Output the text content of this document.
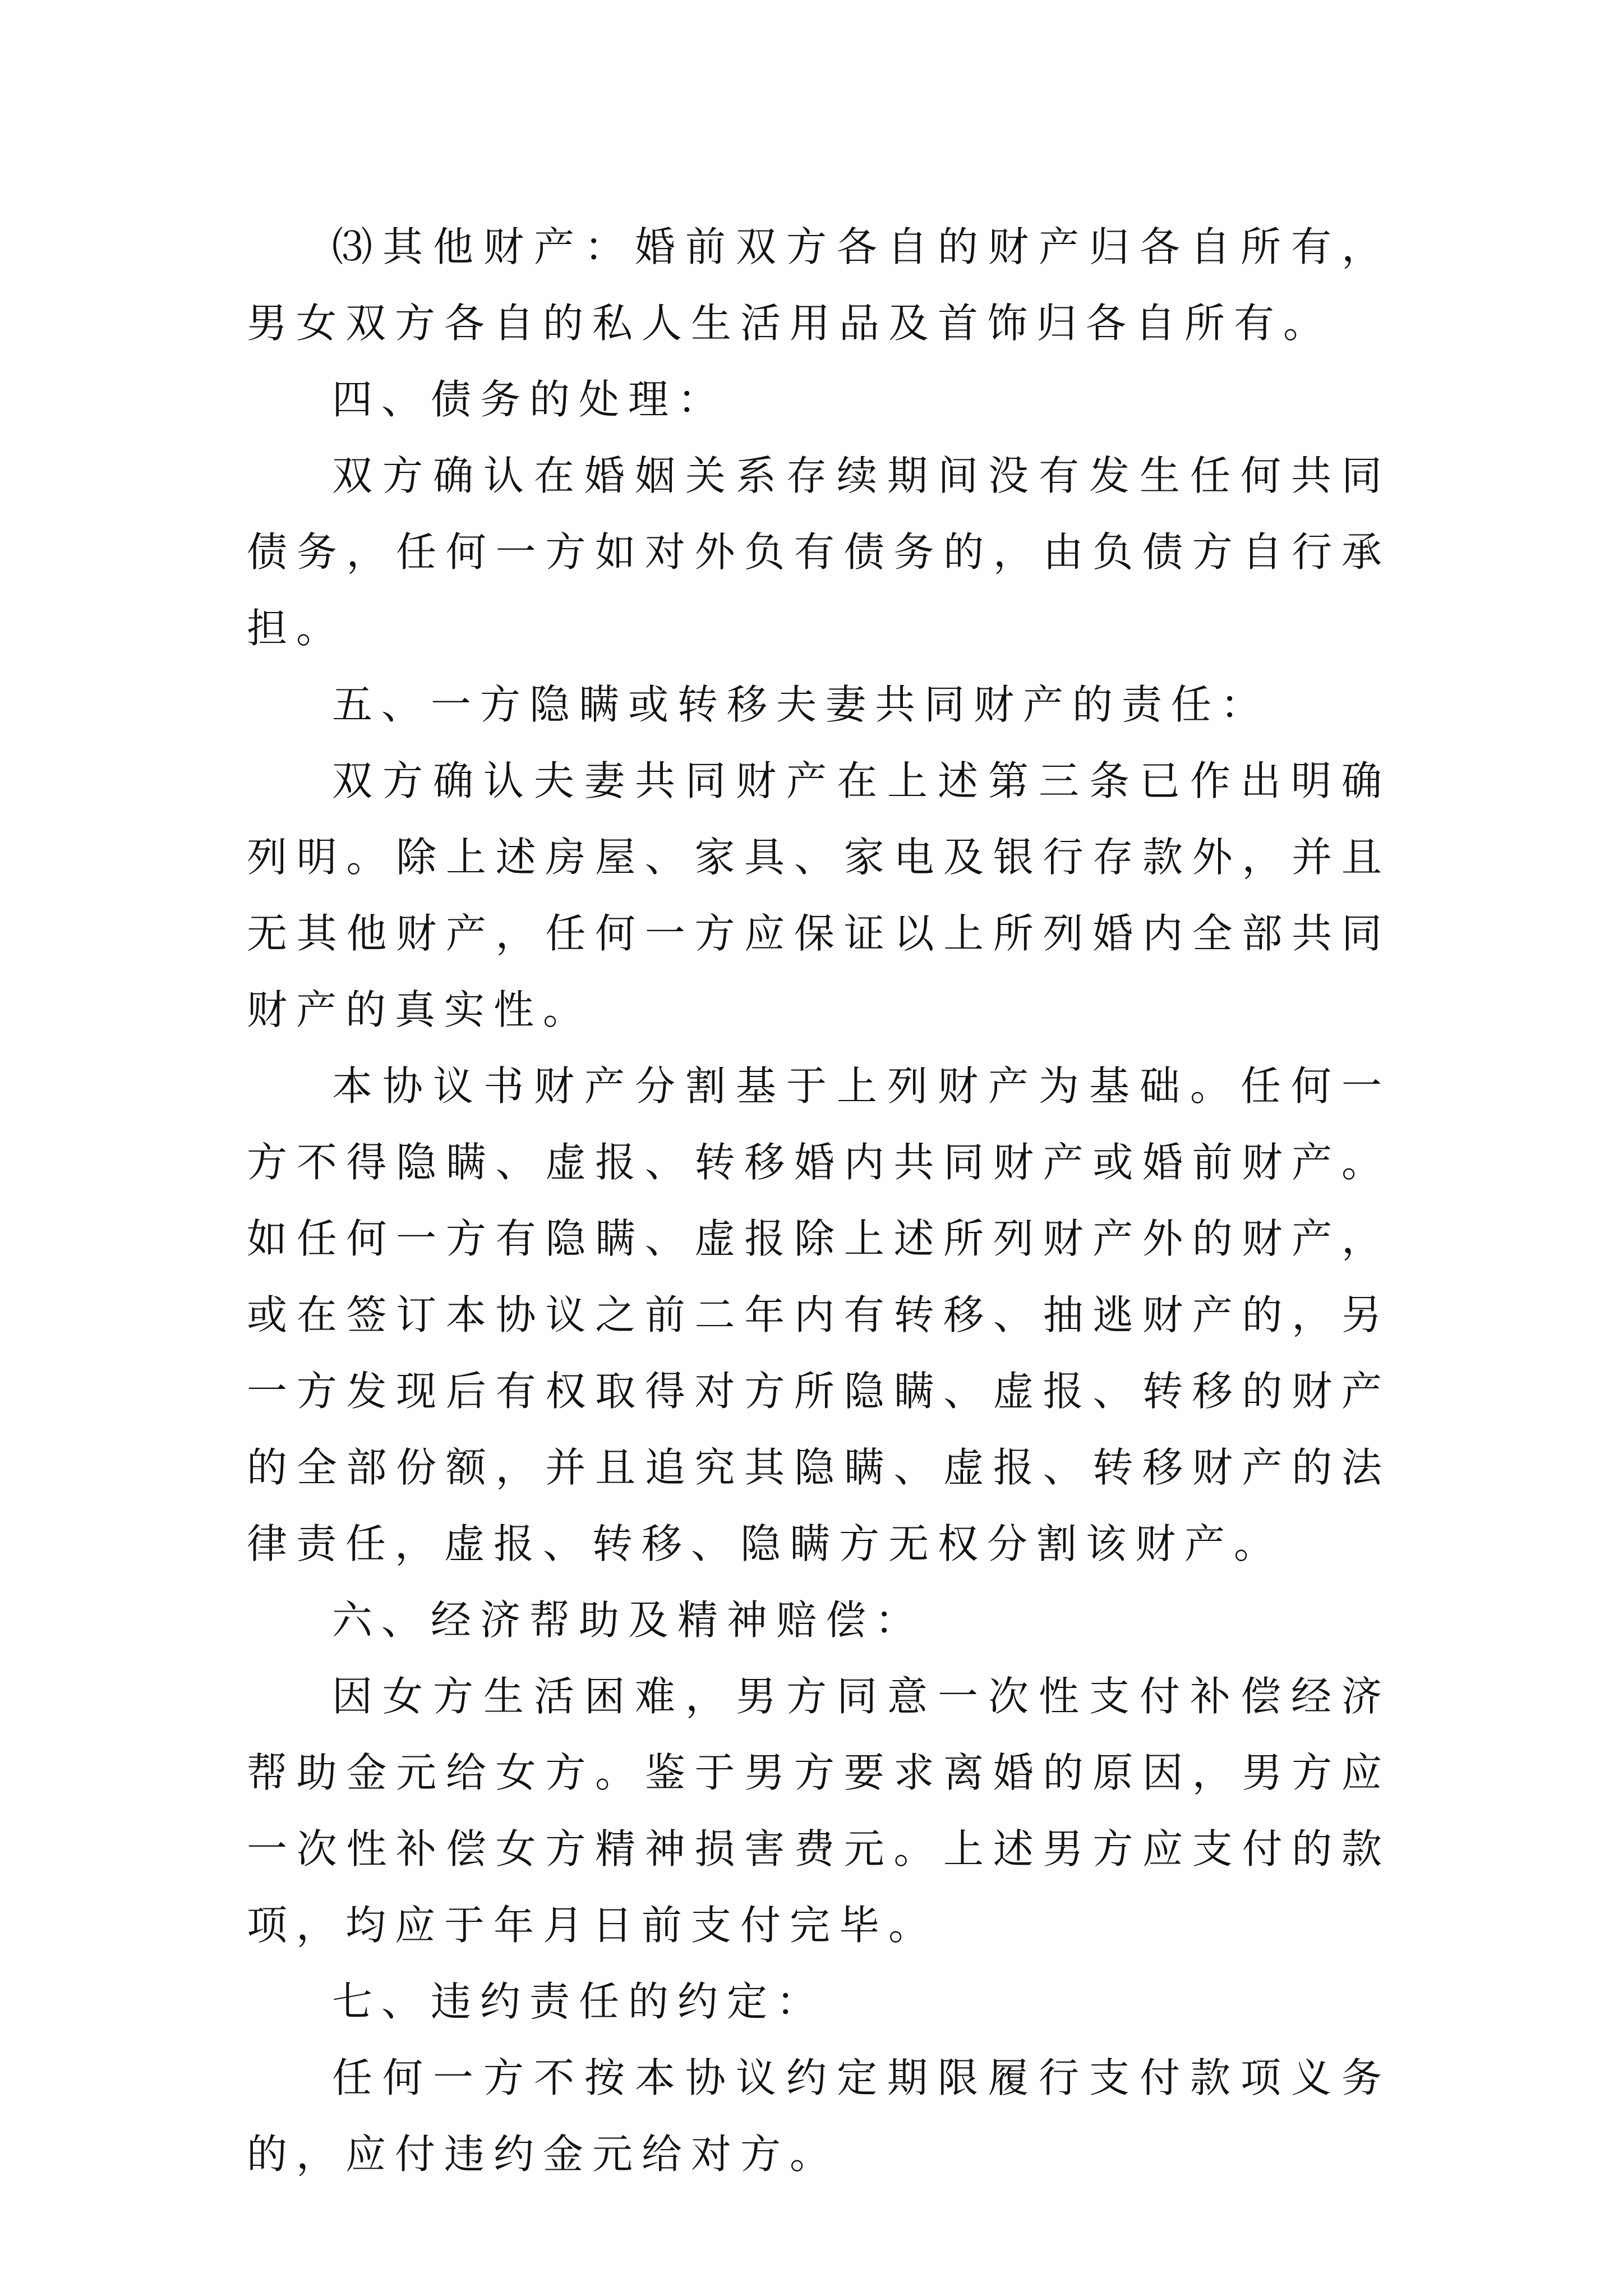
⑶其他财产：婚前双方各自的财产归各自所有，男女双方各自的私人生活用品及首饰归各自所有。

四、债务的处理：

双方确认在婚姻关系存续期间没有发生任何共同债务，任何一方如对外负有债务的，由负债方自行承担。

五、一方隐瞒或转移夫妻共同财产的责任：

双方确认夫妻共同财产在上述第三条已作出明确列明。除上述房屋、家具、家电及银行存款外，并且无其他财产，任何一方应保证以上所列婚内全部共同财产的真实性。

本协议书财产分割基于上列财产为基础。任何一方不得隐瞒、虚报、转移婚内共同财产或婚前财产。如任何一方有隐瞒、虚报除上述所列财产外的财产，或在签订本协议之前二年内有转移、抽逃财产的，另一方发现后有权取得对方所隐瞒、虚报、转移的财产的全部份额，并且追究其隐瞒、虚报、转移财产的法律责任，虚报、转移、隐瞒方无权分割该财产。

六、经济帮助及精神赔偿：

因女方生活困难，男方同意一次性支付补偿经济帮助金元给女方。鉴于男方要求离婚的原因，男方应一次性补偿女方精神损害费元。上述男方应支付的款项，均应于年月日前支付完毕。

七、违约责任的约定：

任何一方不按本协议约定期限履行支付款项义务的，应付违约金元给对方。
